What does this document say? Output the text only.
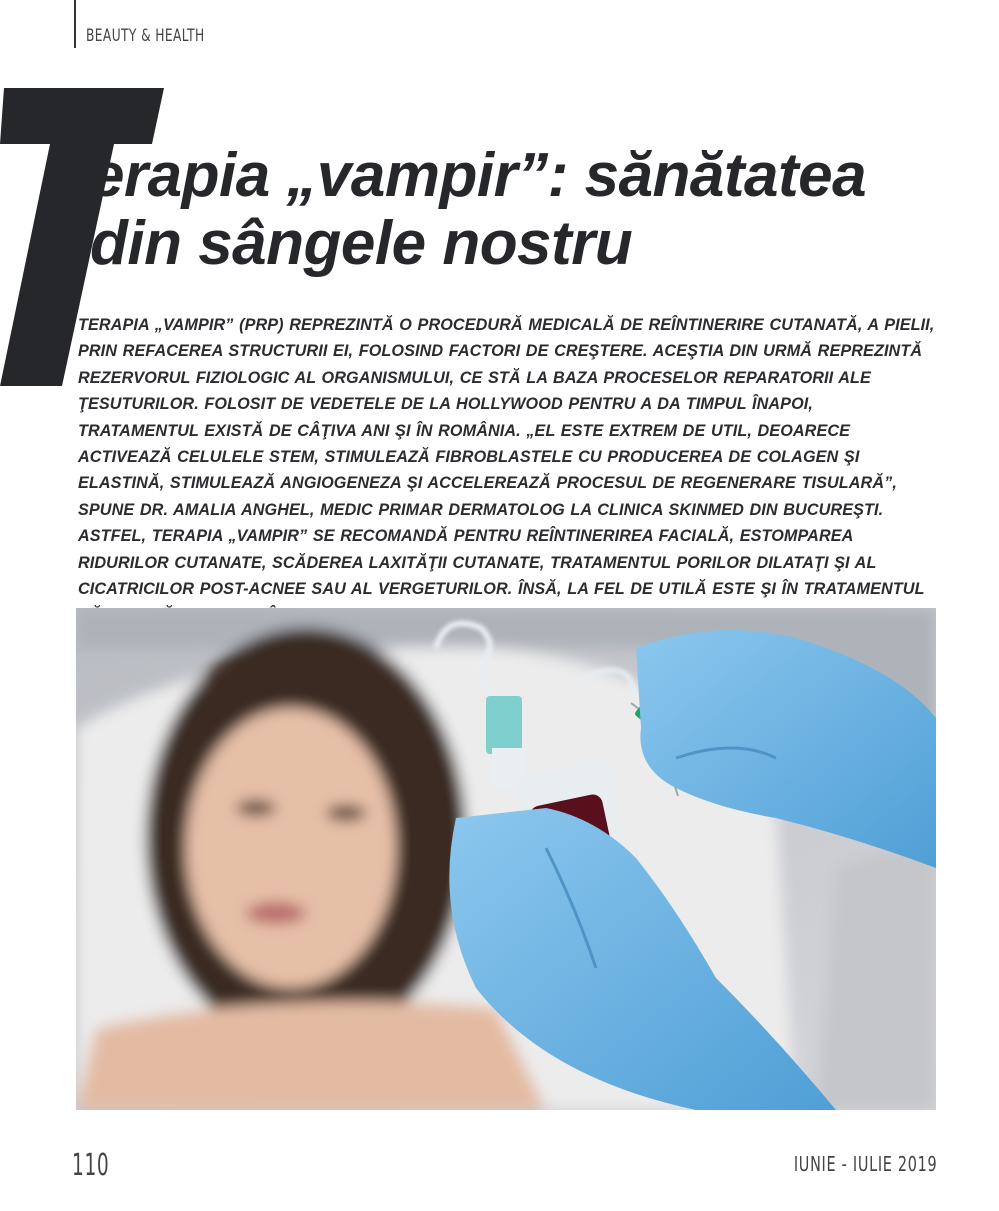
BEAUTY & HEALTH
erapia „vampir”: sănătatea
din sângele nostru

TERAPIA „VAMPIR” (PRP) REPREZINTĂ O PROCEDURĂ MEDICALĂ DE REÎNTINERIRE CUTANATĂ, A PIELII, PRIN REFACEREA STRUCTURII EI, FOLOSIND FACTORI DE CREŞTERE. ACEŞTIA DIN URMĂ REPREZINTĂ REZERVORUL FIZIOLOGIC AL ORGANISMULUI, CE STĂ LA BAZA PROCESELOR REPARATORII ALE ŢESUTURILOR. FOLOSIT DE VEDETELE DE LA HOLLYWOOD PENTRU A DA TIMPUL ÎNAPOI, TRATAMENTUL EXISTĂ DE CÂŢIVA ANI ŞI ÎN ROMÂNIA. „EL ESTE EXTREM DE UTIL, DEOARECE ACTIVEAZĂ CELULELE STEM, STIMULEAZĂ FIBROBLASTELE CU PRODUCEREA DE COLAGEN ŞI ELASTINĂ, STIMULEAZĂ ANGIOGENEZA ŞI ACCELEREAZĂ PROCESUL DE REGENERARE TISULARĂ”, SPUNE DR. AMALIA ANGHEL, MEDIC PRIMAR DERMATOLOG LA CLINICA SKINMED DIN BUCUREŞTI. ASTFEL, TERAPIA „VAMPIR” SE RECOMANDĂ PENTRU REÎNTINERIREA FACIALĂ, ESTOMPAREA RIDURILOR CUTANATE, SCĂDEREA LAXITĂŢII CUTANATE, TRATAMENTUL PORILOR DILATAŢI ŞI AL CICATRICILOR POST-ACNEE SAU AL VERGETURILOR. ÎNSĂ, LA FEL DE UTILĂ ESTE ŞI ÎN TRATAMENTUL

110	IUNIE - IULIE 2019
